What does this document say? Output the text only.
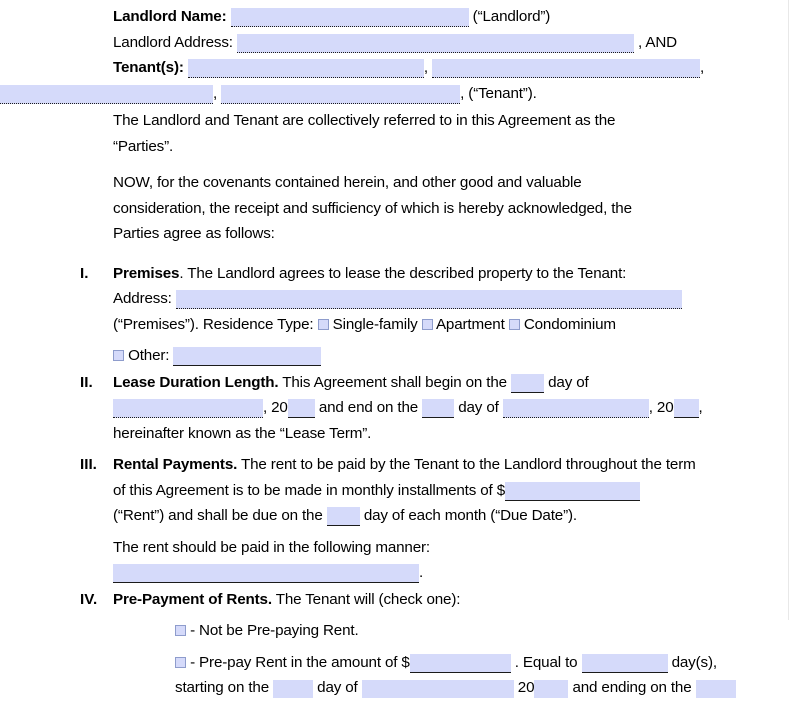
Landlord Name:	(“Landlord”)
Landlord Address:	, AND
Tenant(s):	,	,
,	, (“Tenant”).
The Landlord and Tenant are collectively referred to in this Agreement as the “Parties”.
NOW, for the covenants contained herein, and other good and valuable consideration, the receipt and sufficiency of which is hereby acknowledged, the Parties agree as follows:
I.	Premises. The Landlord agrees to lease the described property to the Tenant:
Address:
(“Premises”). Residence Type: Single-family Apartment Condominium
Other:
II.	Lease Duration Length. This Agreement shall begin on the	day of
, 20 and end on the	day of	, 20 ,
hereinafter known as the “Lease Term”.
III.	Rental Payments. The rent to be paid by the Tenant to the Landlord throughout the term of this Agreement is to be made in monthly installments of $
(“Rent”) and shall be due on the	day of each month (“Due Date”).
The rent should be paid in the following manner:
.
IV.	Pre-Payment of Rents. The Tenant will (check one):
- Not be Pre-paying Rent.
- Pre-pay Rent in the amount of $	. Equal to	day(s),
starting on the	day of	20	and ending on the
